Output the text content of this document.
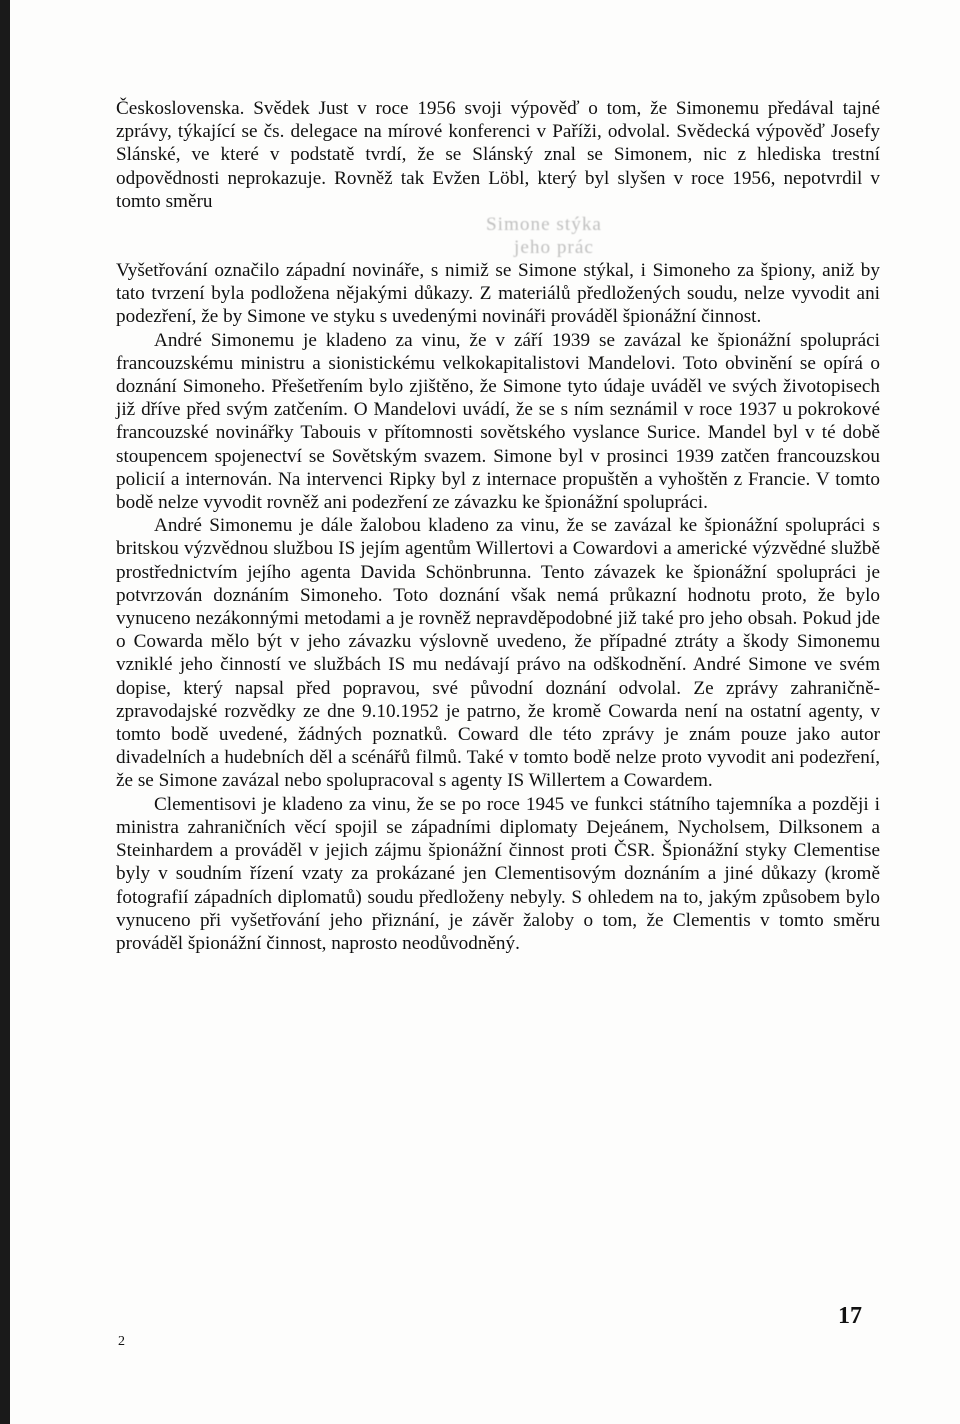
Československa. Svědek Just v roce 1956 svoji výpověď o tom, že Simonemu předával tajné zprávy, týkající se čs. delegace na mírové konferenci v Paříži, odvolal. Svědecká výpověď Josefy Slánské, ve které v podstatě tvrdí, že se Slánský znal se Simonem, nic z hlediska trestní odpovědnosti neprokazuje. Rovněž tak Evžen Löbl, který byl slyšen v roce 1956, nepotvrdil v tomto směru

Simone stýka
jeho prác

Vyšetřování označilo západní novináře, s nimiž se Simone stýkal, i Simoneho za špiony, aniž by tato tvrzení byla podložena nějakými důkazy. Z materiálů předložených soudu, nelze vyvodit ani podezření, že by Simone ve styku s uvedenými novináři prováděl špionážní činnost.

André Simonemu je kladeno za vinu, že v září 1939 se zavázal ke špionážní spolupráci francouzskému ministru a sionistickému velkokapitalistovi Mandelovi. Toto obvinění se opírá o doznání Simoneho. Přešetřením bylo zjištěno, že Simone tyto údaje uváděl ve svých životopisech již dříve před svým zatčením. O Mandelovi uvádí, že se s ním seznámil v roce 1937 u pokrokové francouzské novinářky Tabouis v přítomnosti sovětského vyslance Surice. Mandel byl v té době stoupencem spojenectví se Sovětským svazem. Simone byl v prosinci 1939 zatčen francouzskou policií a internován. Na intervenci Ripky byl z internace propuštěn a vyhoštěn z Francie. V tomto bodě nelze vyvodit rovněž ani podezření ze závazku ke špionážní spolupráci.

André Simonemu je dále žalobou kladeno za vinu, že se zavázal ke špionážní spolupráci s britskou výzvědnou službou IS jejím agentům Willertovi a Cowardovi a americké výzvědné službě prostřednictvím jejího agenta Davida Schönbrunna. Tento závazek ke špionážní spolupráci je potvrzován doznáním Simoneho. Toto doznání však nemá průkazní hodnotu proto, že bylo vynuceno nezákonnými metodami a je rovněž nepravděpodobné již také pro jeho obsah. Pokud jde o Cowarda mělo být v jeho závazku výslovně uvedeno, že případné ztráty a škody Simonemu vzniklé jeho činností ve službách IS mu nedávají právo na odškodnění. André Simone ve svém dopise, který napsal před popravou, své původní doznání odvolal. Ze zprávy zahraničně-zpravodajské rozvědky ze dne 9.10.1952 je patrno, že kromě Cowarda není na ostatní agenty, v tomto bodě uvedené, žádných poznatků. Coward dle této zprávy je znám pouze jako autor divadelních a hudebních děl a scénářů filmů. Také v tomto bodě nelze proto vyvodit ani podezření, že se Simone zavázal nebo spolupracoval s agenty IS Willertem a Cowardem.

Clementisovi je kladeno za vinu, že se po roce 1945 ve funkci státního tajemníka a později i ministra zahraničních věcí spojil se západními diplomaty Dejeánem, Nycholsem, Dilksonem a Steinhardem a prováděl v jejich zájmu špionážní činnost proti ČSR. Špionážní styky Clementise byly v soudním řízení vzaty za prokázané jen Clementisovým doznáním a jiné důkazy (kromě fotografií západních diplomatů) soudu předloženy nebyly. S ohledem na to, jakým způsobem bylo vynuceno při vyšetřování jeho přiznání, je závěr žaloby o tom, že Clementis v tomto směru prováděl špionážní činnost, naprosto neodůvodněný.

17
2
